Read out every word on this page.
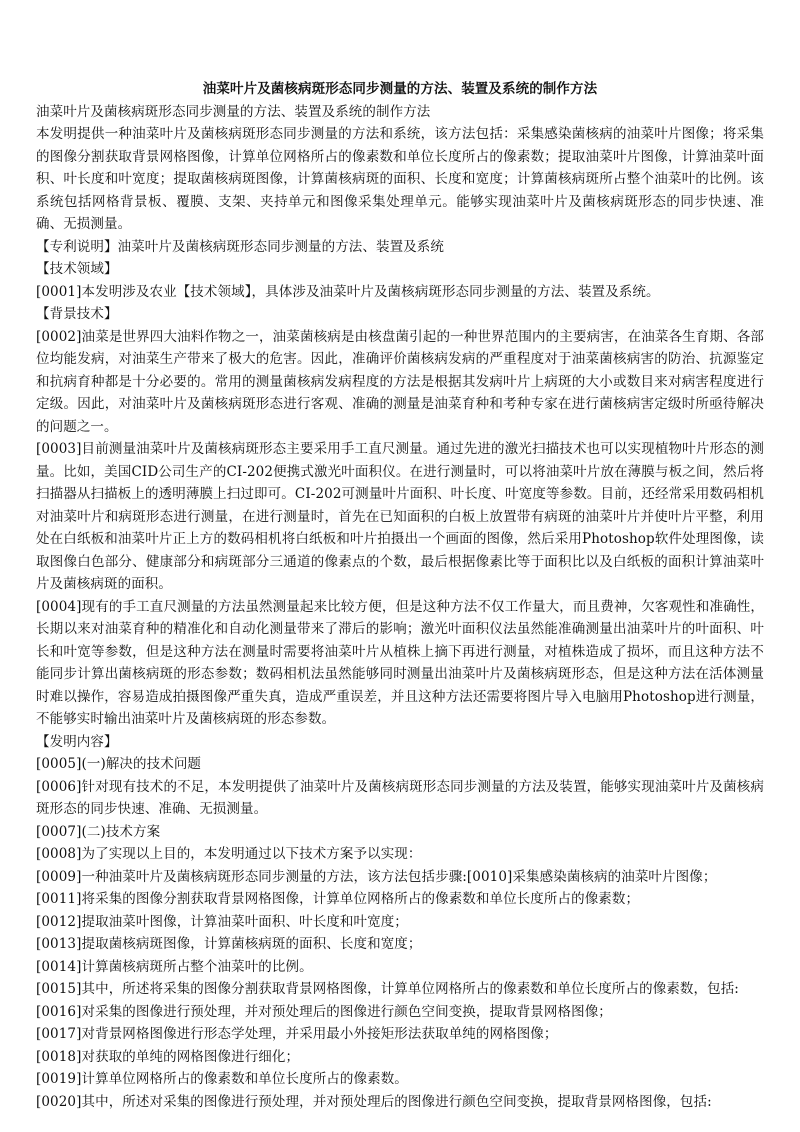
油菜叶片及菌核病斑形态同步测量的方法、装置及系统的制作方法

油菜叶片及菌核病斑形态同步测量的方法、装置及系统的制作方法

本发明提供一种油菜叶片及菌核病斑形态同步测量的方法和系统，该方法包括：采集感染菌核病的油菜叶片图像；将采集的图像分割获取背景网格图像，计算单位网格所占的像素数和单位长度所占的像素数；提取油菜叶片图像，计算油菜叶面积、叶长度和叶宽度；提取菌核病斑图像，计算菌核病斑的面积、长度和宽度；计算菌核病斑所占整个油菜叶的比例。该系统包括网格背景板、覆膜、支架、夹持单元和图像采集处理单元。能够实现油菜叶片及菌核病斑形态的同步快速、准确、无损测量。

【专利说明】油菜叶片及菌核病斑形态同步测量的方法、装置及系统

【技术领域】

[0001]本发明涉及农业【技术领域】，具体涉及油菜叶片及菌核病斑形态同步测量的方法、装置及系统。

【背景技术】

[0002]油菜是世界四大油料作物之一，油菜菌核病是由核盘菌引起的一种世界范围内的主要病害，在油菜各生育期、各部位均能发病，对油菜生产带来了极大的危害。因此，准确评价菌核病发病的严重程度对于油菜菌核病害的防治、抗源鉴定和抗病育种都是十分必要的。常用的测量菌核病发病程度的方法是根据其发病叶片上病斑的大小或数目来对病害程度进行定级。因此，对油菜叶片及菌核病斑形态进行客观、准确的测量是油菜育种和考种专家在进行菌核病害定级时所亟待解决的问题之一。

[0003]目前测量油菜叶片及菌核病斑形态主要采用手工直尺测量。通过先进的激光扫描技术也可以实现植物叶片形态的测量。比如，美国CID公司生产的CI-202便携式激光叶面积仪。在进行测量时，可以将油菜叶片放在薄膜与板之间，然后将扫描器从扫描板上的透明薄膜上扫过即可。CI-202可测量叶片面积、叶长度、叶宽度等参数。目前，还经常采用数码相机对油菜叶片和病斑形态进行测量，在进行测量时，首先在已知面积的白板上放置带有病斑的油菜叶片并使叶片平整，利用处在白纸板和油菜叶片正上方的数码相机将白纸板和叶片拍摄出一个画面的图像，然后采用Photoshop软件处理图像，读取图像白色部分、健康部分和病斑部分三通道的像素点的个数，最后根据像素比等于面积比以及白纸板的面积计算油菜叶片及菌核病斑的面积。

[0004]现有的手工直尺测量的方法虽然测量起来比较方便，但是这种方法不仅工作量大，而且费神，欠客观性和准确性，长期以来对油菜育种的精准化和自动化测量带来了滞后的影响；激光叶面积仪法虽然能准确测量出油菜叶片的叶面积、叶长和叶宽等参数，但是这种方法在测量时需要将油菜叶片从植株上摘下再进行测量，对植株造成了损坏，而且这种方法不能同步计算出菌核病斑的形态参数；数码相机法虽然能够同时测量出油菜叶片及菌核病斑形态，但是这种方法在活体测量时难以操作，容易造成拍摄图像严重失真，造成严重误差，并且这种方法还需要将图片导入电脑用Photoshop进行测量，不能够实时输出油菜叶片及菌核病斑的形态参数。

【发明内容】

[0005](一)解决的技术问题

[0006]针对现有技术的不足，本发明提供了油菜叶片及菌核病斑形态同步测量的方法及装置，能够实现油菜叶片及菌核病斑形态的同步快速、准确、无损测量。

[0007](二)技术方案

[0008]为了实现以上目的，本发明通过以下技术方案予以实现：

[0009]一种油菜叶片及菌核病斑形态同步测量的方法，该方法包括步骤:[0010]采集感染菌核病的油菜叶片图像；

[0011]将采集的图像分割获取背景网格图像，计算单位网格所占的像素数和单位长度所占的像素数；

[0012]提取油菜叶图像，计算油菜叶面积、叶长度和叶宽度；

[0013]提取菌核病斑图像，计算菌核病斑的面积、长度和宽度；

[0014]计算菌核病斑所占整个油菜叶的比例。

[0015]其中，所述将采集的图像分割获取背景网格图像，计算单位网格所占的像素数和单位长度所占的像素数，包括:

[0016]对采集的图像进行预处理，并对预处理后的图像进行颜色空间变换，提取背景网格图像；

[0017]对背景网格图像进行形态学处理，并采用最小外接矩形法获取单纯的网格图像；

[0018]对获取的单纯的网格图像进行细化；

[0019]计算单位网格所占的像素数和单位长度所占的像素数。

[0020]其中，所述对采集的图像进行预处理，并对预处理后的图像进行颜色空间变换，提取背景网格图像，包括:
